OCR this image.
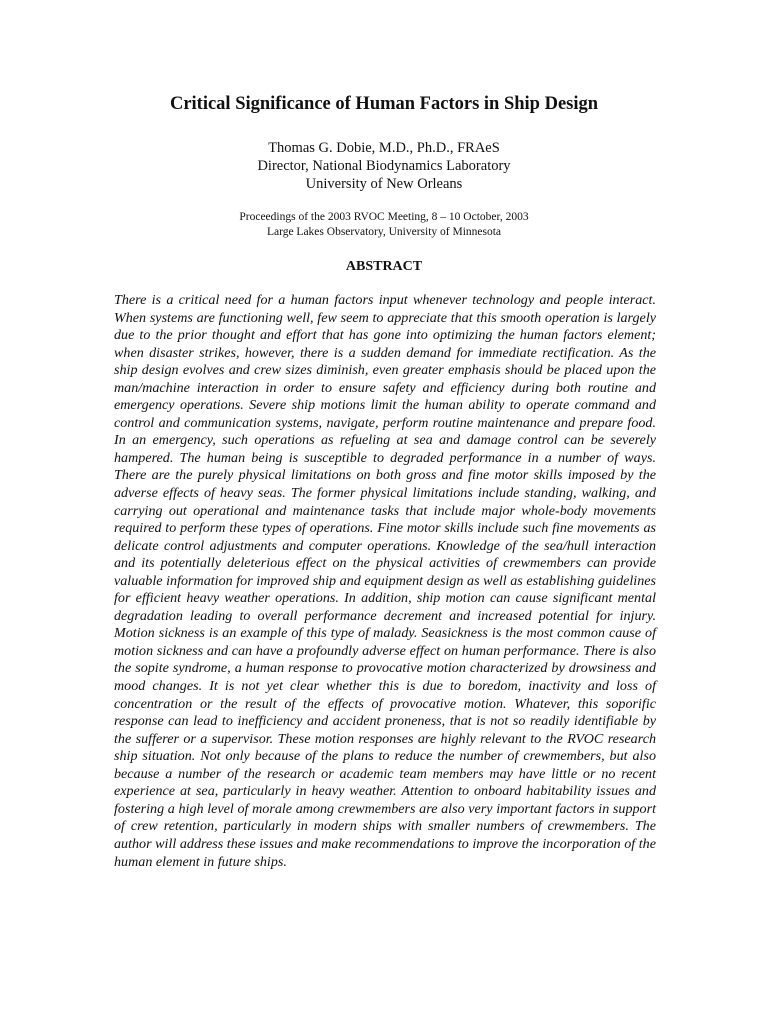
Critical Significance of Human Factors in Ship Design
Thomas G. Dobie, M.D., Ph.D., FRAeS
Director, National Biodynamics Laboratory
University of New Orleans
Proceedings of the 2003 RVOC Meeting, 8 – 10 October, 2003
Large Lakes Observatory, University of Minnesota
ABSTRACT
There is a critical need for a human factors input whenever technology and people interact. When systems are functioning well, few seem to appreciate that this smooth operation is largely due to the prior thought and effort that has gone into optimizing the human factors element; when disaster strikes, however, there is a sudden demand for immediate rectification. As the ship design evolves and crew sizes diminish, even greater emphasis should be placed upon the man/machine interaction in order to ensure safety and efficiency during both routine and emergency operations. Severe ship motions limit the human ability to operate command and control and communication systems, navigate, perform routine maintenance and prepare food. In an emergency, such operations as refueling at sea and damage control can be severely hampered. The human being is susceptible to degraded performance in a number of ways. There are the purely physical limitations on both gross and fine motor skills imposed by the adverse effects of heavy seas. The former physical limitations include standing, walking, and carrying out operational and maintenance tasks that include major whole-body movements required to perform these types of operations. Fine motor skills include such fine movements as delicate control adjustments and computer operations. Knowledge of the sea/hull interaction and its potentially deleterious effect on the physical activities of crewmembers can provide valuable information for improved ship and equipment design as well as establishing guidelines for efficient heavy weather operations. In addition, ship motion can cause significant mental degradation leading to overall performance decrement and increased potential for injury. Motion sickness is an example of this type of malady. Seasickness is the most common cause of motion sickness and can have a profoundly adverse effect on human performance. There is also the sopite syndrome, a human response to provocative motion characterized by drowsiness and mood changes. It is not yet clear whether this is due to boredom, inactivity and loss of concentration or the result of the effects of provocative motion. Whatever, this soporific response can lead to inefficiency and accident proneness, that is not so readily identifiable by the sufferer or a supervisor. These motion responses are highly relevant to the RVOC research ship situation. Not only because of the plans to reduce the number of crewmembers, but also because a number of the research or academic team members may have little or no recent experience at sea, particularly in heavy weather. Attention to onboard habitability issues and fostering a high level of morale among crewmembers are also very important factors in support of crew retention, particularly in modern ships with smaller numbers of crewmembers. The author will address these issues and make recommendations to improve the incorporation of the human element in future ships.
